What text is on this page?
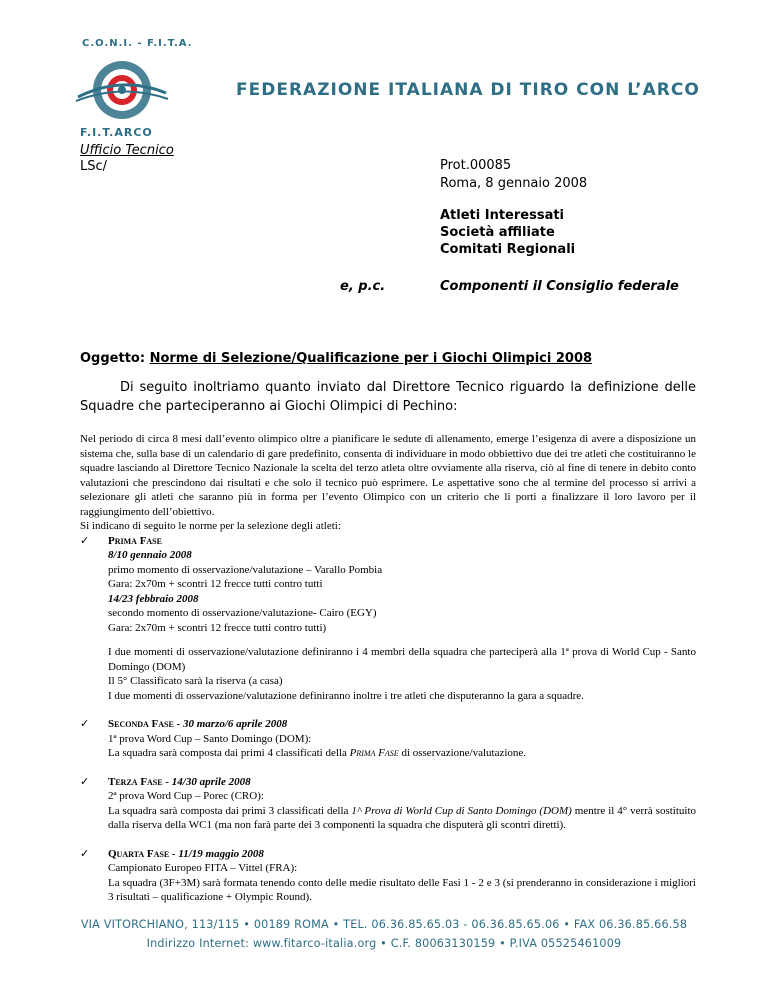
C.O.N.I. - F.I.T.A.
F.I.T.ARCO
FEDERAZIONE ITALIANA DI TIRO CON L’ARCO
Ufficio Tecnico
LSc/	Prot.00085
Roma, 8 gennaio 2008
Atleti Interessati
Società affiliate
Comitati Regionali
e, p.c.	Componenti il Consiglio federale
Oggetto: Norme di Selezione/Qualificazione per i Giochi Olimpici 2008
Di seguito inoltriamo quanto inviato dal Direttore Tecnico riguardo la definizione delle Squadre che parteciperanno ai Giochi Olimpici di Pechino:

Nel periodo di circa 8 mesi dall’evento olimpico oltre a pianificare le sedute di allenamento, emerge l’esigenza di avere a disposizione un sistema che, sulla base di un calendario di gare predefinito, consenta di individuare in modo obbiettivo due dei tre atleti che costituiranno le squadre lasciando al Direttore Tecnico Nazionale la scelta del terzo atleta oltre ovviamente alla riserva, ciò al fine di tenere in debito conto valutazioni che prescindono dai risultati e che solo il tecnico può esprimere. Le aspettative sono che al termine del processo si arrivi a selezionare gli atleti che saranno più in forma per l’evento Olimpico con un criterio che li porti a finalizzare il loro lavoro per il raggiungimento dell’obiettivo.

Si indicano di seguito le norme per la selezione degli atleti:

✓ Prima Fase
8/10 gennaio 2008
primo momento di osservazione/valutazione – Varallo Pombia
Gara: 2x70m + scontri 12 frecce tutti contro tutti
14/23 febbraio 2008
secondo momento di osservazione/valutazione- Cairo (EGY)
Gara: 2x70m + scontri 12 frecce tutti contro tutti)
I due momenti di osservazione/valutazione definiranno i 4 membri della squadra che parteciperà alla 1ª prova di World Cup - Santo Domingo (DOM)
Il 5° Classificato sarà la riserva (a casa)
I due momenti di osservazione/valutazione definiranno inoltre i tre atleti che disputeranno la gara a squadre.
✓ Seconda Fase - 30 marzo/6 aprile 2008
1ª prova Word Cup – Santo Domingo (DOM):
La squadra sarà composta dai primi 4 classificati della Prima Fase di osservazione/valutazione.
✓ Terza Fase - 14/30 aprile 2008
2ª prova Word Cup – Porec (CRO):
La squadra sarà composta dai primi 3 classificati della 1^ Prova di World Cup di Santo Domingo (DOM) mentre il 4° verrà sostituito dalla riserva della WC1 (ma non farà parte dei 3 componenti la squadra che disputerà gli scontri diretti).
✓ Quarta Fase - 11/19 maggio 2008
Campionato Europeo FITA – Vittel (FRA):
La squadra (3F+3M) sarà formata tenendo conto delle medie risultato delle Fasi 1 - 2 e 3 (si prenderanno in considerazione i migliori 3 risultati – qualificazione + Olympic Round).
VIA VITORCHIANO, 113/115 • 00189 ROMA • TEL. 06.36.85.65.03 - 06.36.85.65.06 • FAX 06.36.85.66.58
Indirizzo Internet: www.fitarco-italia.org • C.F. 80063130159 • P.IVA 05525461009
